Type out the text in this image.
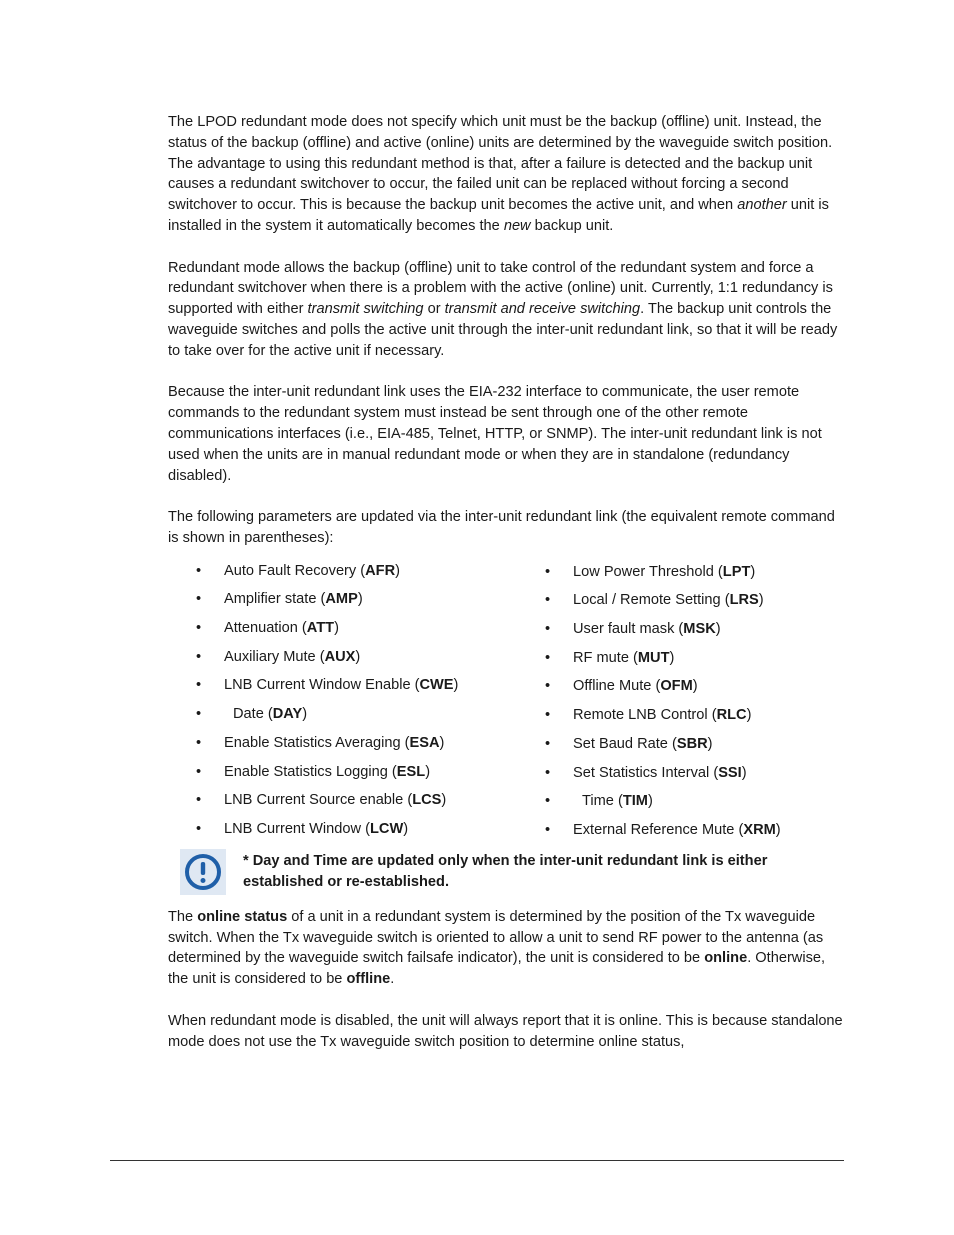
The LPOD redundant mode does not specify which unit must be the backup (offline) unit. Instead, the status of the backup (offline) and active (online) units are determined by the waveguide switch position. The advantage to using this redundant method is that, after a failure is detected and the backup unit causes a redundant switchover to occur, the failed unit can be replaced without forcing a second switchover to occur. This is because the backup unit becomes the active unit, and when another unit is installed in the system it automatically becomes the new backup unit.

Redundant mode allows the backup (offline) unit to take control of the redundant system and force a redundant switchover when there is a problem with the active (online) unit. Currently, 1:1 redundancy is supported with either transmit switching or transmit and receive switching. The backup unit controls the waveguide switches and polls the active unit through the inter-unit redundant link, so that it will be ready to take over for the active unit if necessary.

Because the inter-unit redundant link uses the EIA-232 interface to communicate, the user remote commands to the redundant system must instead be sent through one of the other remote communications interfaces (i.e., EIA-485, Telnet, HTTP, or SNMP). The inter-unit redundant link is not used when the units are in manual redundant mode or when they are in standalone (redundancy disabled).

The following parameters are updated via the inter-unit redundant link (the equivalent remote command is shown in parentheses):

• Auto Fault Recovery (AFR)
• Amplifier state (AMP)
• Attenuation (ATT)
• Auxiliary Mute (AUX)
• LNB Current Window Enable (CWE)
• Date (DAY)
• Enable Statistics Averaging (ESA)
• Enable Statistics Logging (ESL)
• LNB Current Source enable (LCS)
• LNB Current Window (LCW)
• Low Power Threshold (LPT)
• Local / Remote Setting (LRS)
• User fault mask (MSK)
• RF mute (MUT)
• Offline Mute (OFM)
• Remote LNB Control (RLC)
• Set Baud Rate (SBR)
• Set Statistics Interval (SSI)
• Time (TIM)
• External Reference Mute (XRM)
* Day and Time are updated only when the inter-unit redundant link is either established or re-established.

The online status of a unit in a redundant system is determined by the position of the Tx waveguide switch. When the Tx waveguide switch is oriented to allow a unit to send RF power to the antenna (as determined by the waveguide switch failsafe indicator), the unit is considered to be online. Otherwise, the unit is considered to be offline.

When redundant mode is disabled, the unit will always report that it is online. This is because standalone mode does not use the Tx waveguide switch position to determine online status,
